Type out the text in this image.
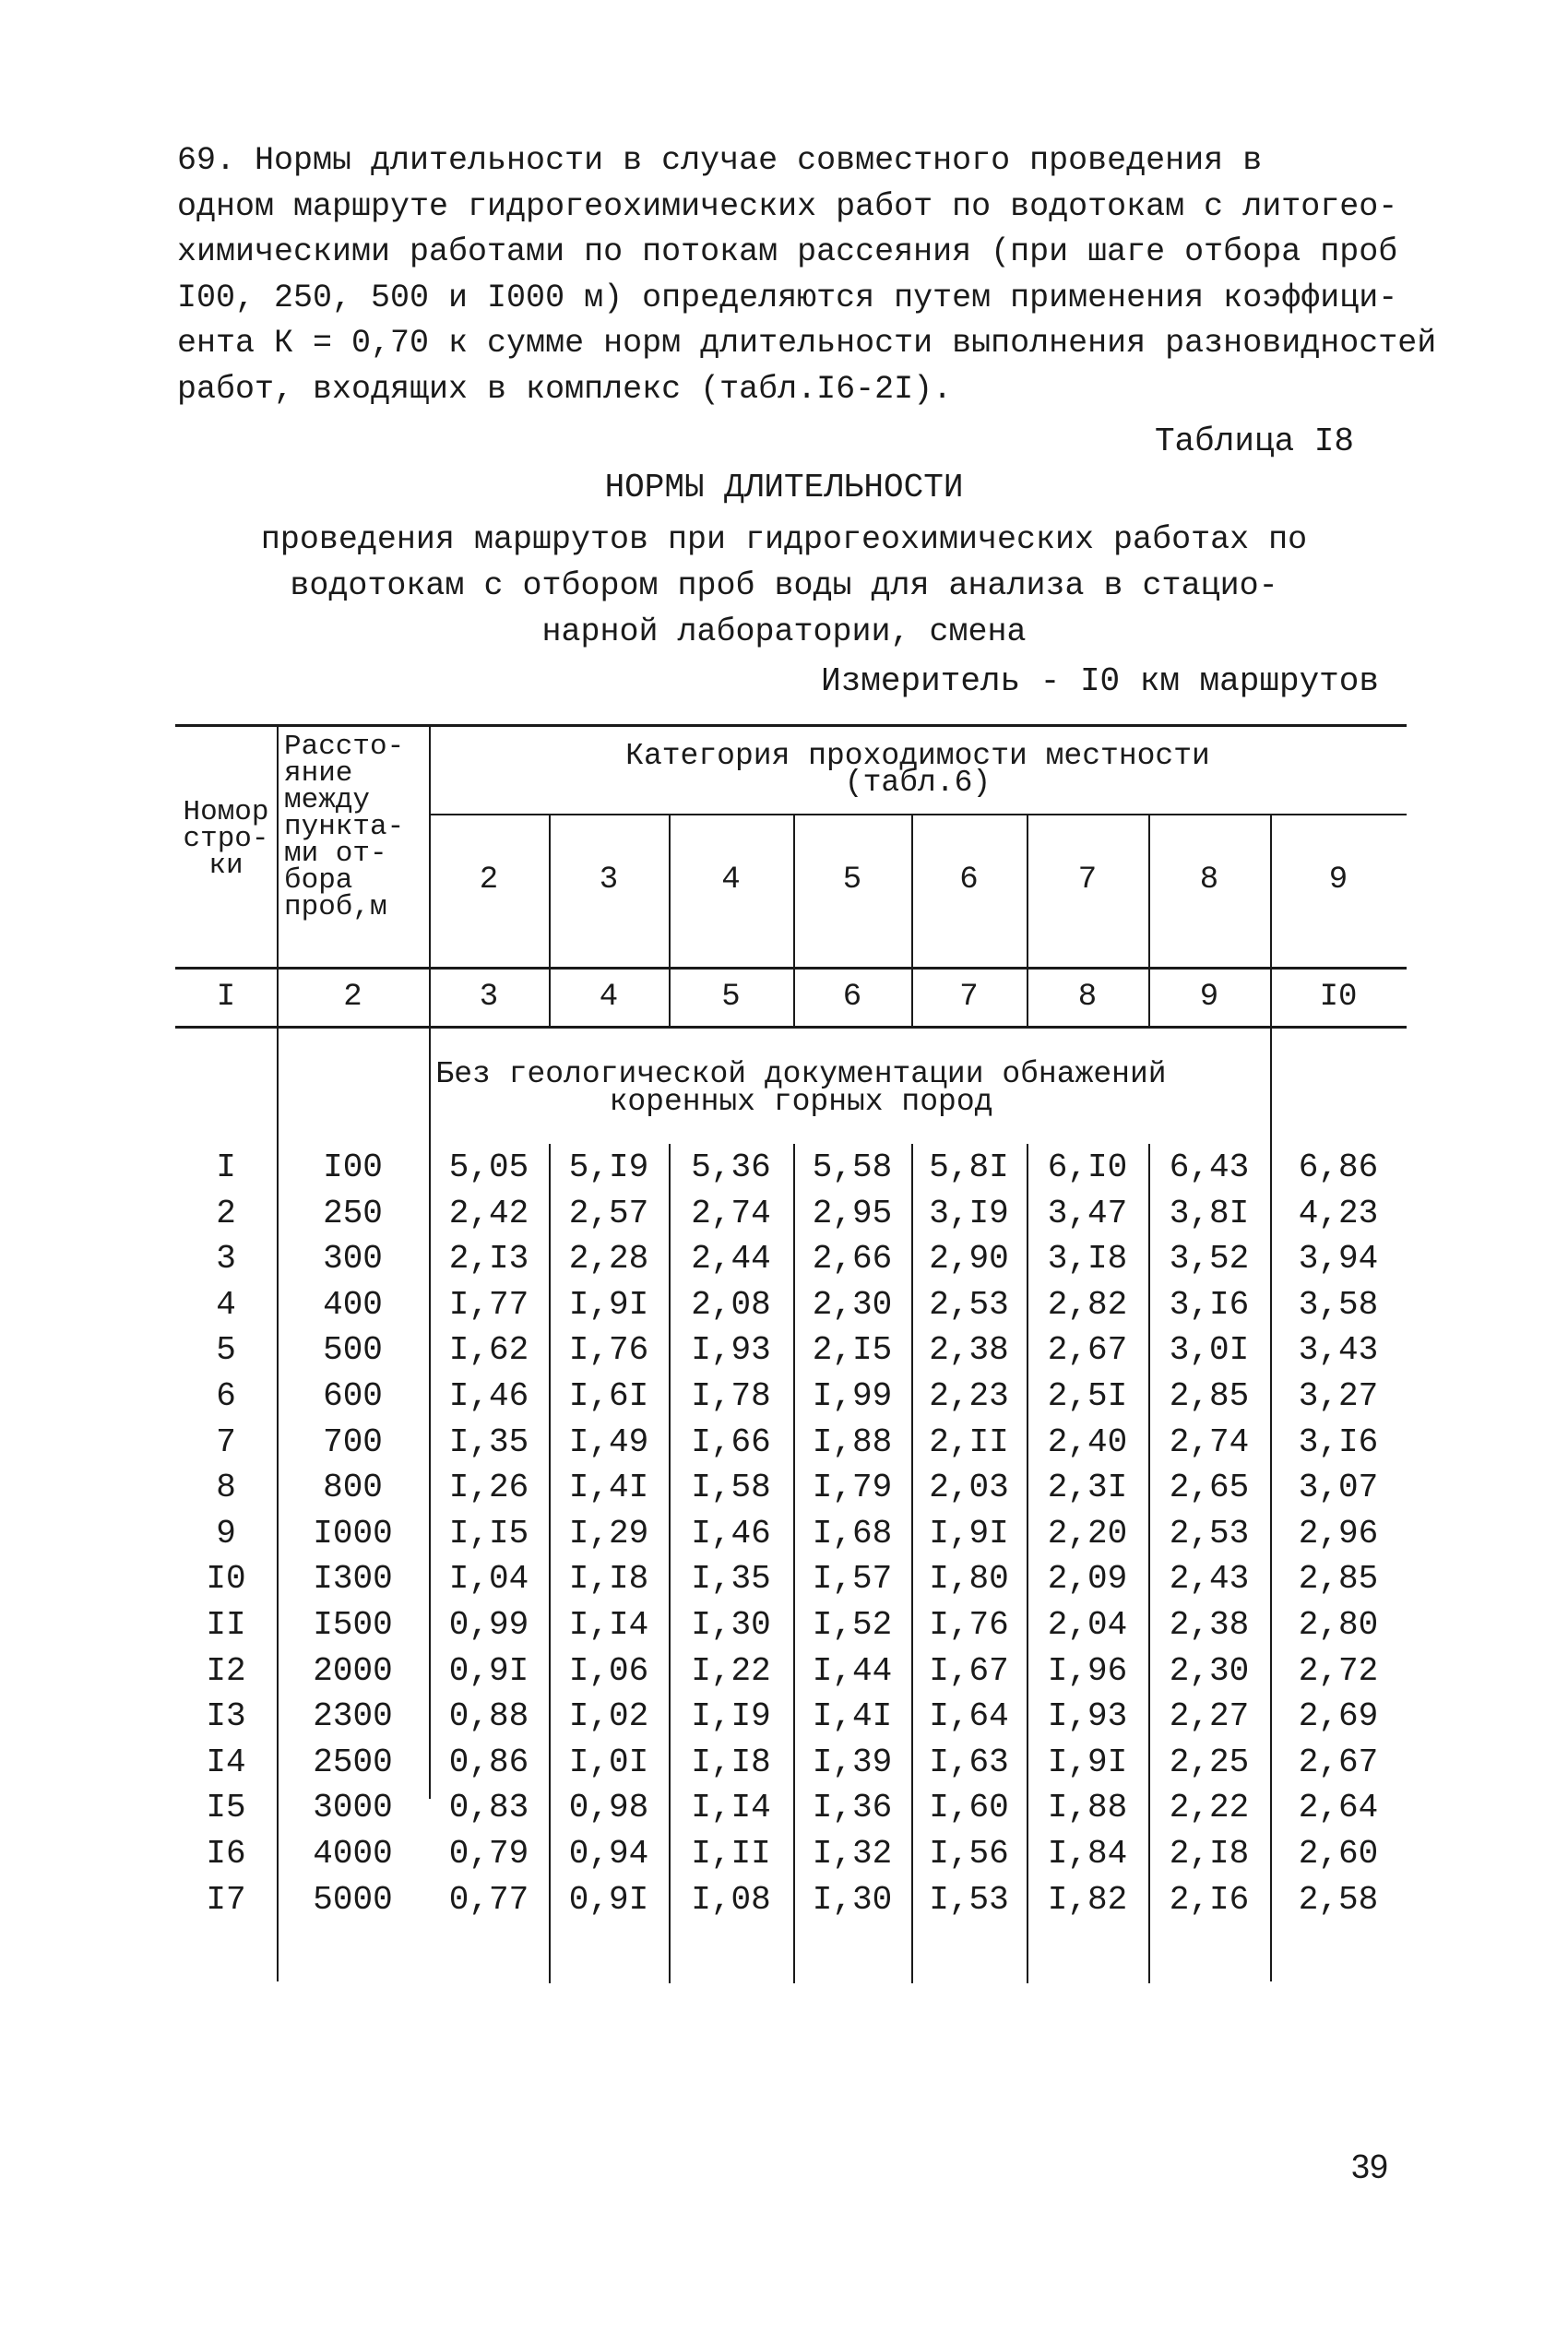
69. Нормы длительности в случае совместного проведения в
одном маршруте гидрогеохимических работ по водотокам с литогео-
химическими работами по потокам рассеяния (при шаге отбора проб
I00, 250, 500 и I000 м) определяются путем применения коэффици-
ента К = 0,70 к сумме норм длительности выполнения разновидностей
работ, входящих в комплекс (табл.I6-2I).

Таблица I8
НОРМЫ ДЛИТЕЛЬНОСТИ
проведения маршрутов при гидрогеохимических работах по
водотокам с отбором проб воды для анализа в стацио-
нарной лаборатории, смена
Измеритель - I0 км маршрутов
Номор
стро-
ки
Рассто-
яние
между
пункта-
ми от-
бора
проб,м
Категория проходимости местности
(табл.6)
2	3	4	5	6	7	8	9
I	2	3	4	5	6	7	8	9	I0
Без геологической документации обнажений
коренных горных пород
I	I00	5,05	5,I9	5,36	5,58	5,8I	6,I0	6,43	6,86
2	250	2,42	2,57	2,74	2,95	3,I9	3,47	3,8I	4,23
3	300	2,I3	2,28	2,44	2,66	2,90	3,I8	3,52	3,94
4	400	I,77	I,9I	2,08	2,30	2,53	2,82	3,I6	3,58
5	500	I,62	I,76	I,93	2,I5	2,38	2,67	3,0I	3,43
6	600	I,46	I,6I	I,78	I,99	2,23	2,5I	2,85	3,27
7	700	I,35	I,49	I,66	I,88	2,II	2,40	2,74	3,I6
8	800	I,26	I,4I	I,58	I,79	2,03	2,3I	2,65	3,07
9	I000	I,I5	I,29	I,46	I,68	I,9I	2,20	2,53	2,96
I0	I300	I,04	I,I8	I,35	I,57	I,80	2,09	2,43	2,85
II	I500	0,99	I,I4	I,30	I,52	I,76	2,04	2,38	2,80
I2	2000	0,9I	I,06	I,22	I,44	I,67	I,96	2,30	2,72
I3	2300	0,88	I,02	I,I9	I,4I	I,64	I,93	2,27	2,69
I4	2500	0,86	I,0I	I,I8	I,39	I,63	I,9I	2,25	2,67
I5	3000	0,83	0,98	I,I4	I,36	I,60	I,88	2,22	2,64
I6	4000	0,79	0,94	I,II	I,32	I,56	I,84	2,I8	2,60
I7	5000	0,77	0,9I	I,08	I,30	I,53	I,82	2,I6	2,58
39
